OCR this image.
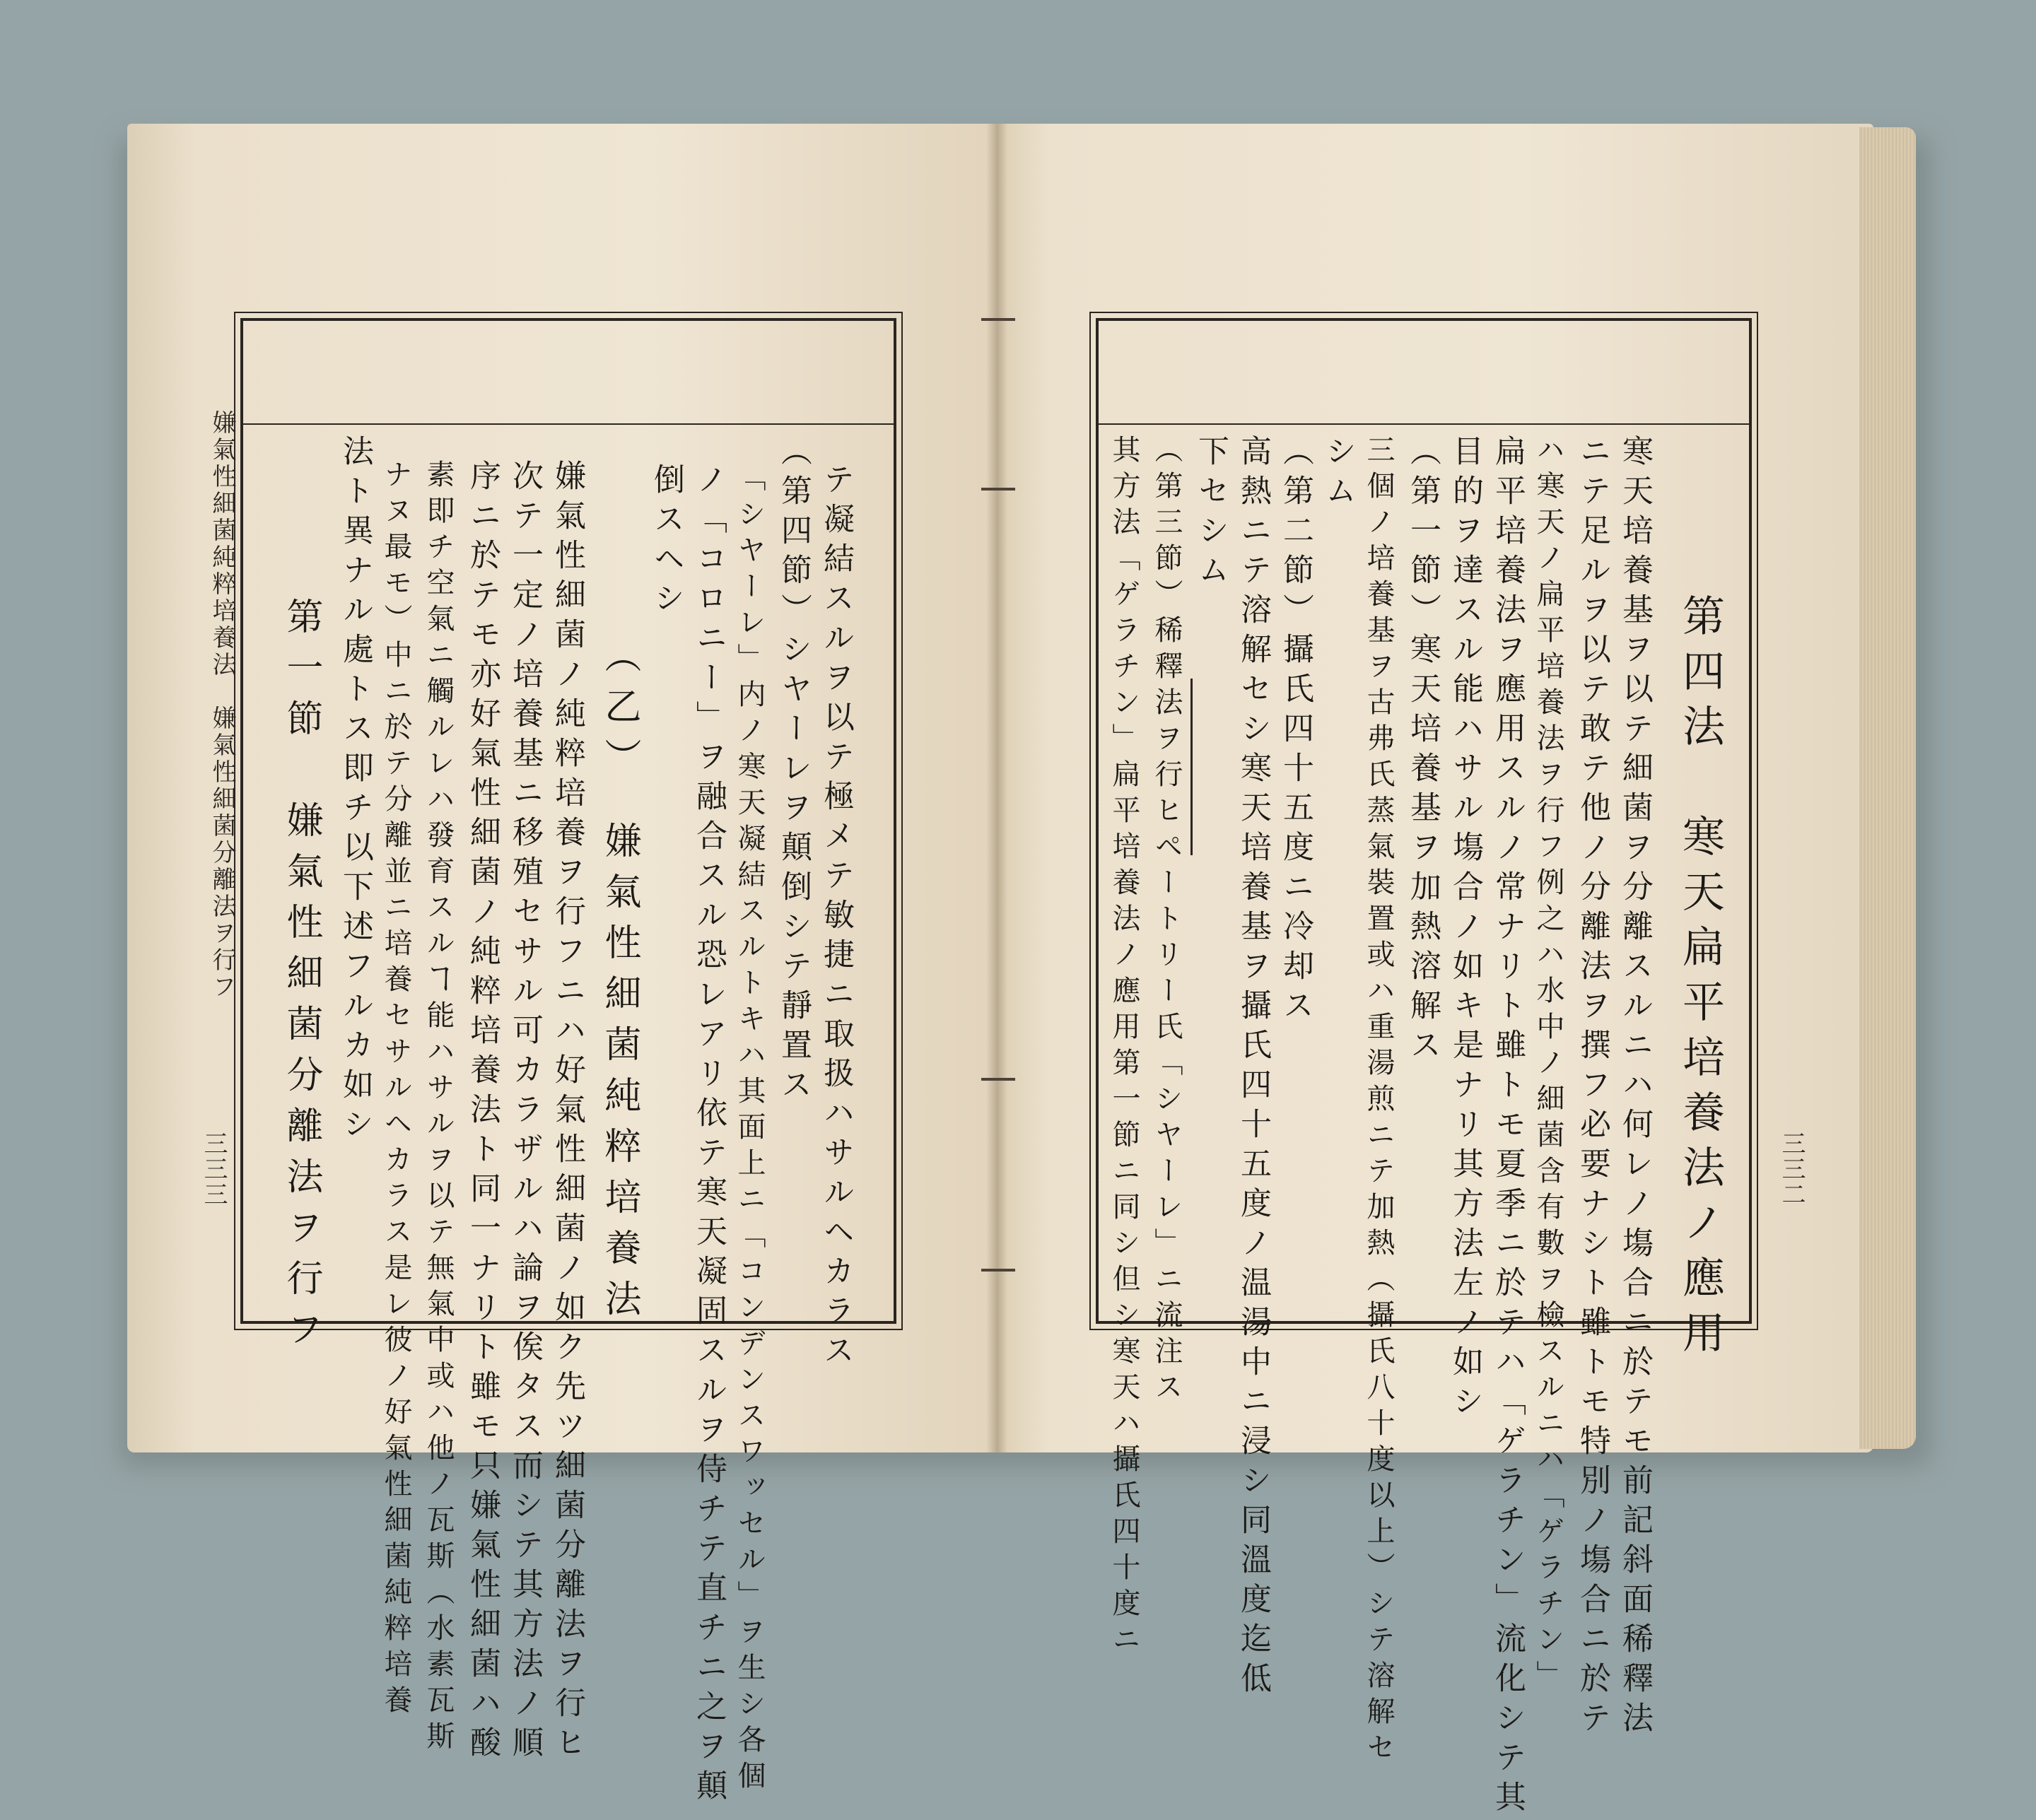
嫌氣性細菌純粹培養法　嫌氣性細菌分離法ヲ行フ
三三三	テ凝結スルヲ以テ極メテ敏捷ニ取扱ハサルヘカラス
（第四節）シヤーレヲ顛倒シテ靜置ス
「シヤーレ」内ノ寒天凝結スルトキハ其面上ニ「コンデンスワッセル」ヲ生シ各個
ノ「コロニー」ヲ融合スル恐レアリ依テ寒天凝固スルヲ侍チテ直チニ之ヲ顛
倒スヘシ
（乙）　嫌氣性細菌純粹培養法
嫌氣性細菌ノ純粹培養ヲ行フニハ好氣性細菌ノ如ク先ツ細菌分離法ヲ行ヒ
次テ一定ノ培養基ニ移殖セサル可カラザルハ論ヲ俟タス而シテ其方法ノ順
序ニ於テモ亦好氣性細菌ノ純粹培養法ト同一ナリト雖モ只嫌氣性細菌ハ酸
素即チ空氣ニ觸ルレハ發育スルヿ能ハサルヲ以テ無氣中或ハ他ノ瓦斯（水素瓦斯
ナヌ最モ）中ニ於テ分離並ニ培養セサルヘカラス是レ彼ノ好氣性細菌純粹培養
法ト異ナル處トス即チ以下述フルカ如シ
第一節　嫌氣性細菌分離法ヲ行フ	三三二
第四法　寒天扁平培養法ノ應用
寒天培養基ヲ以テ細菌ヲ分離スルニハ何レノ塲合ニ於テモ前記斜面稀釋法
ニテ足ルヲ以テ敢テ他ノ分離法ヲ撰フ必要ナシト雖トモ特別ノ塲合ニ於テ
ハ寒天ノ扁平培養法ヲ行フ例之ハ水中ノ細菌含有數ヲ檢スルニハ「ゲラチン」
扁平培養法ヲ應用スルノ常ナリト雖トモ夏季ニ於テハ「ゲラチン」流化シテ其
目的ヲ達スル能ハサル塲合ノ如キ是ナリ其方法左ノ如シ
（第一節）寒天培養基ヲ加熱溶解ス
三個ノ培養基ヲ古弗氏蒸氣裝置或ハ重湯煎ニテ加熱（攝氏八十度以上）シテ溶解セ
シム
（第二節）攝氏四十五度ニ冷却ス
高熱ニテ溶解セシ寒天培養基ヲ攝氏四十五度ノ温湯中ニ浸シ同溫度迄低
下セシム
（第三節）稀釋法ヲ行ヒペートリー氏「シヤーレ」ニ流注ス
其方法「ゲラチン」扁平培養法ノ應用第一節ニ同シ但シ寒天ハ攝氏四十度ニ
